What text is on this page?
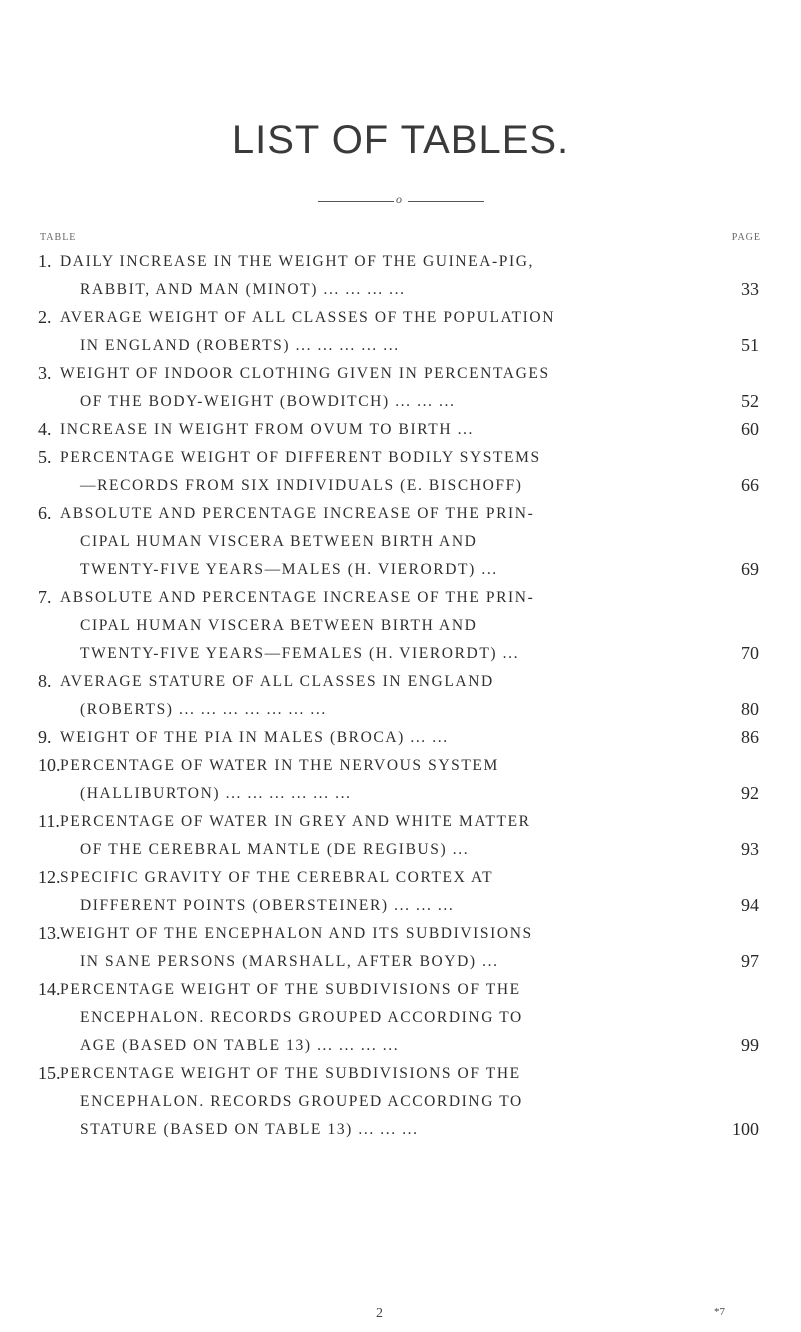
LIST OF TABLES.
o
TABLE	PAGE
1. DAILY INCREASE IN THE WEIGHT OF THE GUINEA-PIG,
RABBIT, AND MAN (MINOT) ... ... ... ...	33
2. AVERAGE WEIGHT OF ALL CLASSES OF THE POPULATION
IN ENGLAND (ROBERTS) ... ... ... ... ...	51
3. WEIGHT OF INDOOR CLOTHING GIVEN IN PERCENTAGES
OF THE BODY-WEIGHT (BOWDITCH) ... ... ...	52
4. INCREASE IN WEIGHT FROM OVUM TO BIRTH ...	60
5. PERCENTAGE WEIGHT OF DIFFERENT BODILY SYSTEMS
—RECORDS FROM SIX INDIVIDUALS (E. BISCHOFF)	66
6. ABSOLUTE AND PERCENTAGE INCREASE OF THE PRIN-
CIPAL HUMAN VISCERA BETWEEN BIRTH AND
TWENTY-FIVE YEARS—MALES (H. VIERORDT) ...	69
7. ABSOLUTE AND PERCENTAGE INCREASE OF THE PRIN-
CIPAL HUMAN VISCERA BETWEEN BIRTH AND
TWENTY-FIVE YEARS—FEMALES (H. VIERORDT) ...	70
8. AVERAGE STATURE OF ALL CLASSES IN ENGLAND
(ROBERTS) ... ... ... ... ... ... ...	80
9. WEIGHT OF THE PIA IN MALES (BROCA) ... ...	86
10. PERCENTAGE OF WATER IN THE NERVOUS SYSTEM
(HALLIBURTON) ... ... ... ... ... ...	92
11. PERCENTAGE OF WATER IN GREY AND WHITE MATTER
OF THE CEREBRAL MANTLE (DE REGIBUS) ...	93
12. SPECIFIC GRAVITY OF THE CEREBRAL CORTEX AT
DIFFERENT POINTS (OBERSTEINER) ... ... ...	94
13. WEIGHT OF THE ENCEPHALON AND ITS SUBDIVISIONS
IN SANE PERSONS (MARSHALL, AFTER BOYD) ...	97
14. PERCENTAGE WEIGHT OF THE SUBDIVISIONS OF THE
ENCEPHALON. RECORDS GROUPED ACCORDING TO
AGE (BASED ON TABLE 13) ... ... ... ...	99
15. PERCENTAGE WEIGHT OF THE SUBDIVISIONS OF THE
ENCEPHALON. RECORDS GROUPED ACCORDING TO
STATURE (BASED ON TABLE 13) ... ... ...	100
2	*7
